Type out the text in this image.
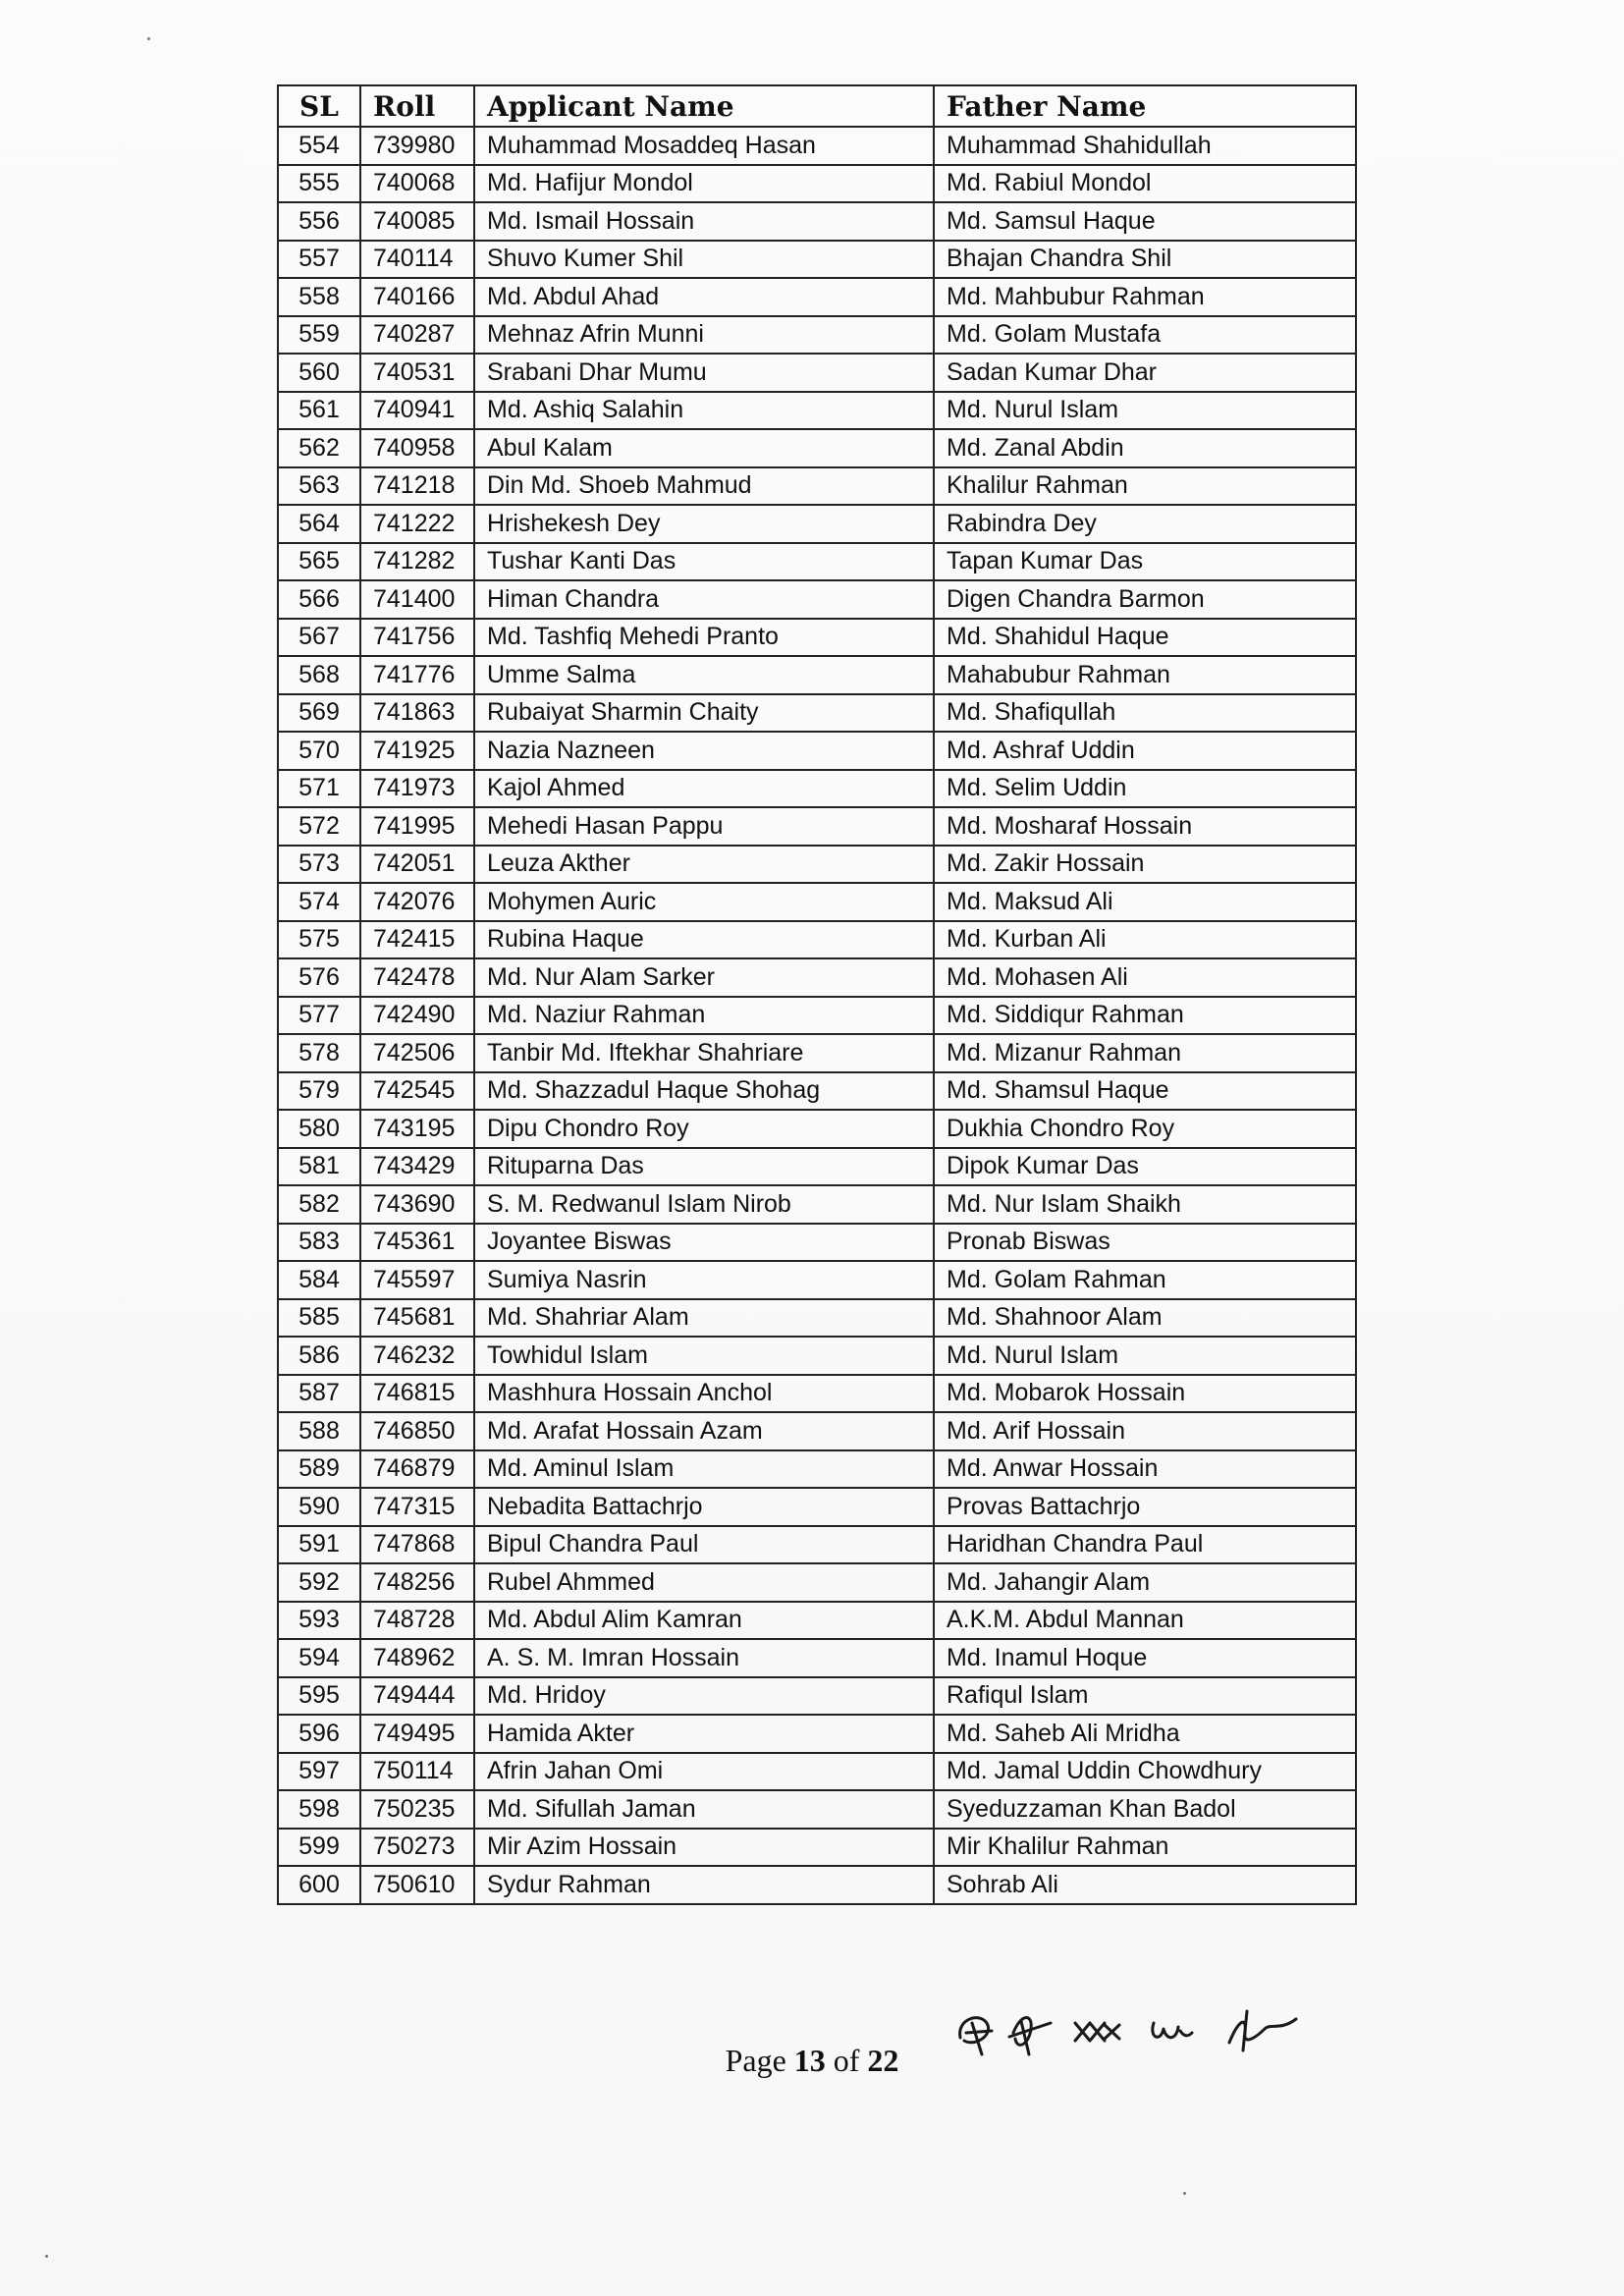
SL	Roll	Applicant Name	Father Name
554	739980	Muhammad Mosaddeq Hasan	Muhammad Shahidullah
555	740068	Md. Hafijur Mondol	Md. Rabiul Mondol
556	740085	Md. Ismail Hossain	Md. Samsul Haque
557	740114	Shuvo Kumer Shil	Bhajan Chandra Shil
558	740166	Md. Abdul Ahad	Md. Mahbubur Rahman
559	740287	Mehnaz Afrin Munni	Md. Golam Mustafa
560	740531	Srabani Dhar Mumu	Sadan Kumar Dhar
561	740941	Md. Ashiq Salahin	Md. Nurul Islam
562	740958	Abul Kalam	Md. Zanal Abdin
563	741218	Din Md. Shoeb Mahmud	Khalilur Rahman
564	741222	Hrishekesh Dey	Rabindra Dey
565	741282	Tushar Kanti Das	Tapan Kumar Das
566	741400	Himan Chandra	Digen Chandra Barmon
567	741756	Md. Tashfiq Mehedi Pranto	Md. Shahidul Haque
568	741776	Umme Salma	Mahabubur Rahman
569	741863	Rubaiyat Sharmin Chaity	Md. Shafiqullah
570	741925	Nazia Nazneen	Md. Ashraf Uddin
571	741973	Kajol Ahmed	Md. Selim Uddin
572	741995	Mehedi Hasan Pappu	Md. Mosharaf Hossain
573	742051	Leuza Akther	Md. Zakir Hossain
574	742076	Mohymen Auric	Md. Maksud Ali
575	742415	Rubina Haque	Md. Kurban Ali
576	742478	Md. Nur Alam Sarker	Md. Mohasen Ali
577	742490	Md. Naziur Rahman	Md. Siddiqur Rahman
578	742506	Tanbir Md. Iftekhar Shahriare	Md. Mizanur Rahman
579	742545	Md. Shazzadul Haque Shohag	Md. Shamsul Haque
580	743195	Dipu Chondro Roy	Dukhia Chondro Roy
581	743429	Rituparna Das	Dipok Kumar Das
582	743690	S. M. Redwanul Islam Nirob	Md. Nur Islam Shaikh
583	745361	Joyantee Biswas	Pronab Biswas
584	745597	Sumiya Nasrin	Md. Golam Rahman
585	745681	Md. Shahriar Alam	Md. Shahnoor Alam
586	746232	Towhidul Islam	Md. Nurul Islam
587	746815	Mashhura Hossain Anchol	Md. Mobarok Hossain
588	746850	Md. Arafat Hossain Azam	Md. Arif Hossain
589	746879	Md. Aminul Islam	Md. Anwar Hossain
590	747315	Nebadita Battachrjo	Provas Battachrjo
591	747868	Bipul Chandra Paul	Haridhan Chandra Paul
592	748256	Rubel Ahmmed	Md. Jahangir Alam
593	748728	Md. Abdul Alim Kamran	A.K.M. Abdul Mannan
594	748962	A. S. M. Imran Hossain	Md. Inamul Hoque
595	749444	Md. Hridoy	Rafiqul Islam
596	749495	Hamida Akter	Md. Saheb Ali Mridha
597	750114	Afrin Jahan Omi	Md. Jamal Uddin Chowdhury
598	750235	Md. Sifullah Jaman	Syeduzzaman Khan Badol
599	750273	Mir Azim Hossain	Mir Khalilur Rahman
600	750610	Sydur Rahman	Sohrab Ali
Page 13 of 22
